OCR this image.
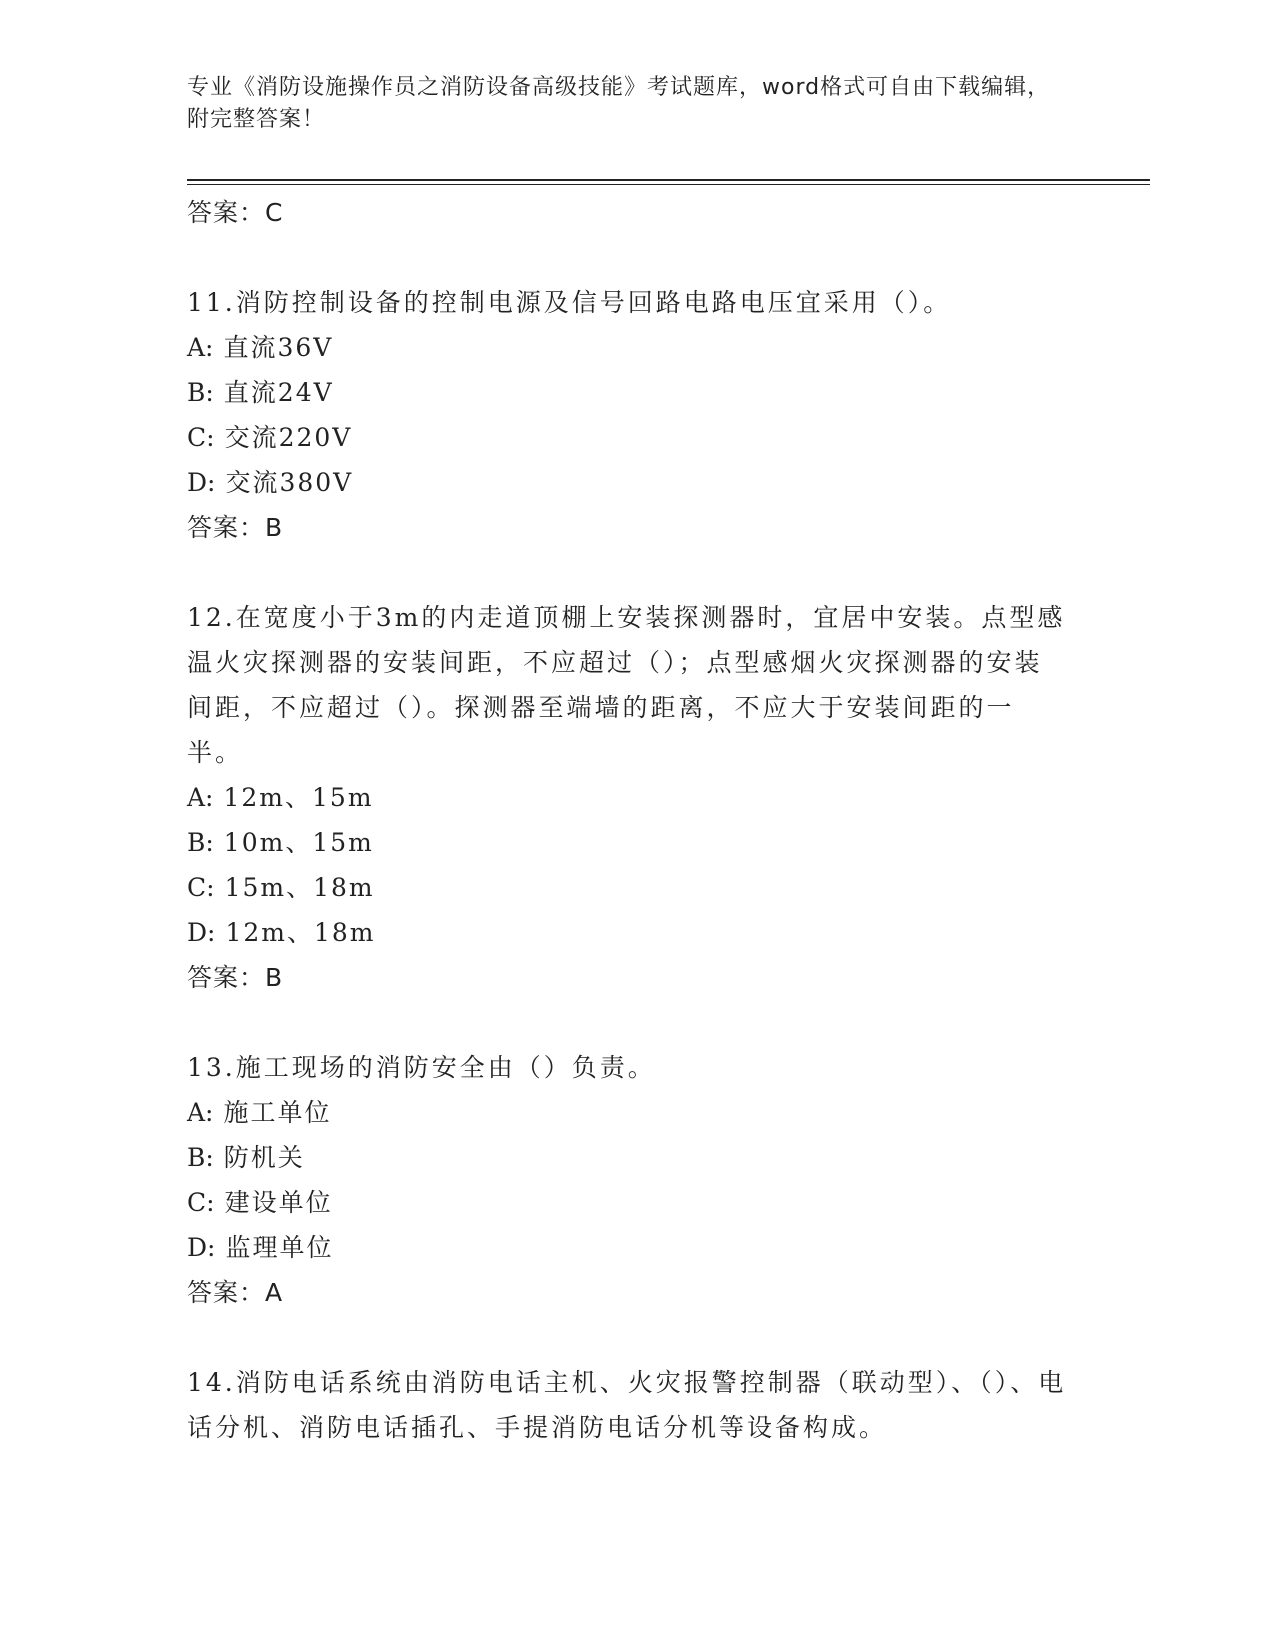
专业《消防设施操作员之消防设备高级技能》考试题库，word格式可自由下载编辑，附完整答案！
答案：C
11.消防控制设备的控制电源及信号回路电路电压宜采用（）。
A: 直流36V
B: 直流24V
C: 交流220V
D: 交流380V
答案：B
12.在宽度小于3m的内走道顶棚上安装探测器时，宜居中安装。点型感温火灾探测器的安装间距，不应超过（）；点型感烟火灾探测器的安装间距，不应超过（）。探测器至端墙的距离，不应大于安装间距的一半。
A: 12m、15m
B: 10m、15m
C: 15m、18m
D: 12m、18m
答案：B
13.施工现场的消防安全由（）负责。
A: 施工单位
B: 防机关
C: 建设单位
D: 监理单位
答案：A
14.消防电话系统由消防电话主机、火灾报警控制器（联动型）、（）、电话分机、消防电话插孔、手提消防电话分机等设备构成。
